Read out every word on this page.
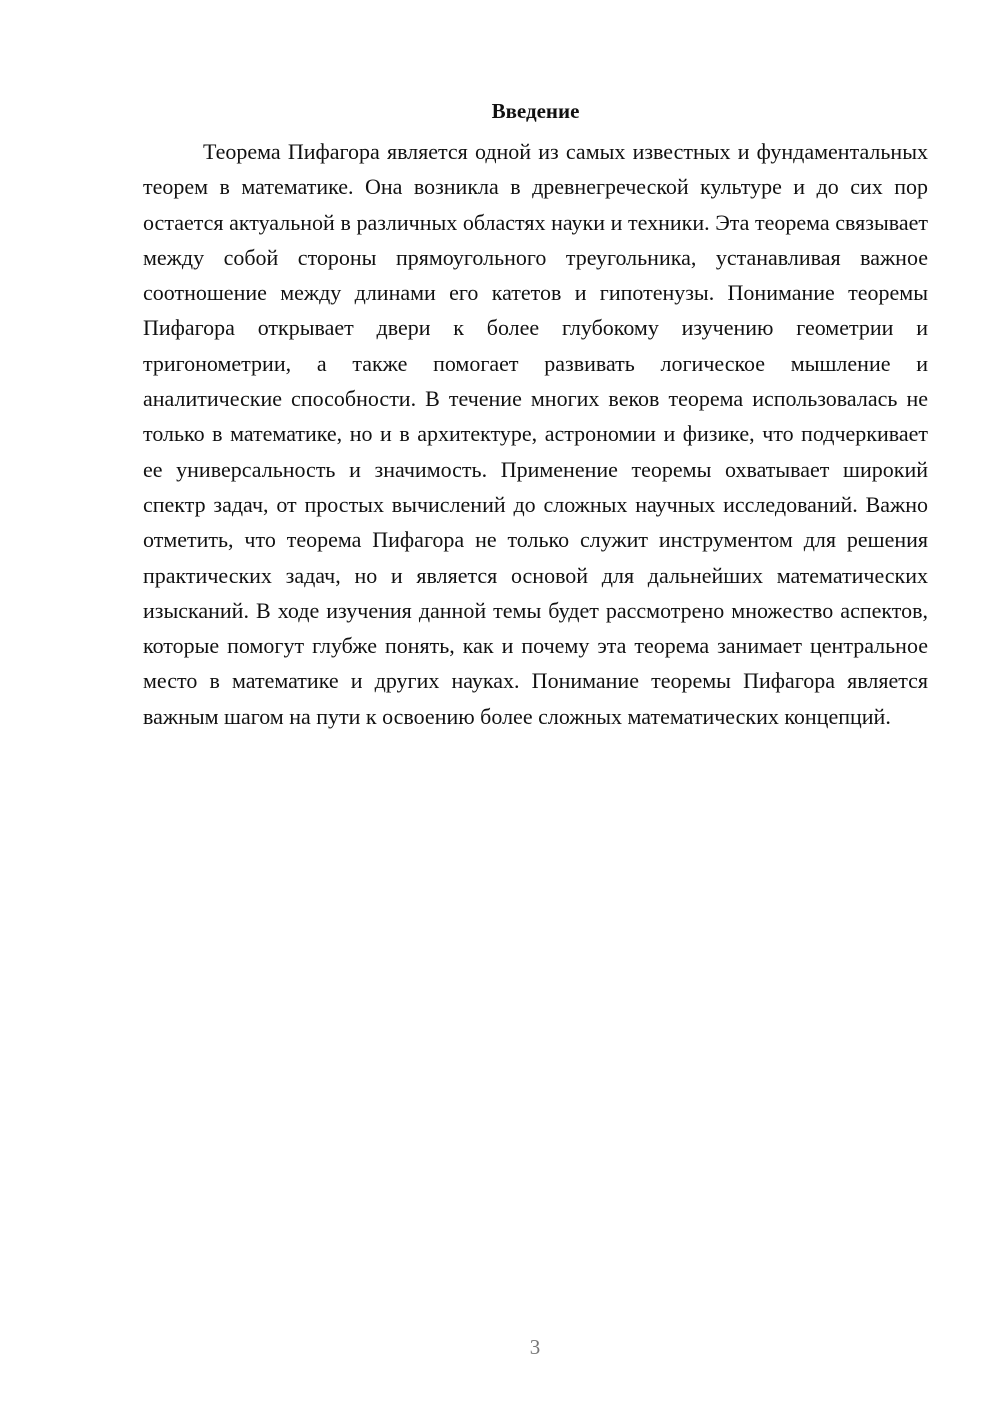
Введение

Теорема Пифагора является одной из самых известных и фундаментальных теорем в математике. Она возникла в древнегреческой культуре и до сих пор остается актуальной в различных областях науки и техники. Эта теорема связывает между собой стороны прямоугольного треугольника, устанавливая важное соотношение между длинами его катетов и гипотенузы. Понимание теоремы Пифагора открывает двери к более глубокому изучению геометрии и тригонометрии, а также помогает развивать логическое мышление и аналитические способности. В течение многих веков теорема использовалась не только в математике, но и в архитектуре, астрономии и физике, что подчеркивает ее универсальность и значимость. Применение теоремы охватывает широкий спектр задач, от простых вычислений до сложных научных исследований. Важно отметить, что теорема Пифагора не только служит инструментом для решения практических задач, но и является основой для дальнейших математических изысканий. В ходе изучения данной темы будет рассмотрено множество аспектов, которые помогут глубже понять, как и почему эта теорема занимает центральное место в математике и других науках. Понимание теоремы Пифагора является важным шагом на пути к освоению более сложных математических концепций.

3
